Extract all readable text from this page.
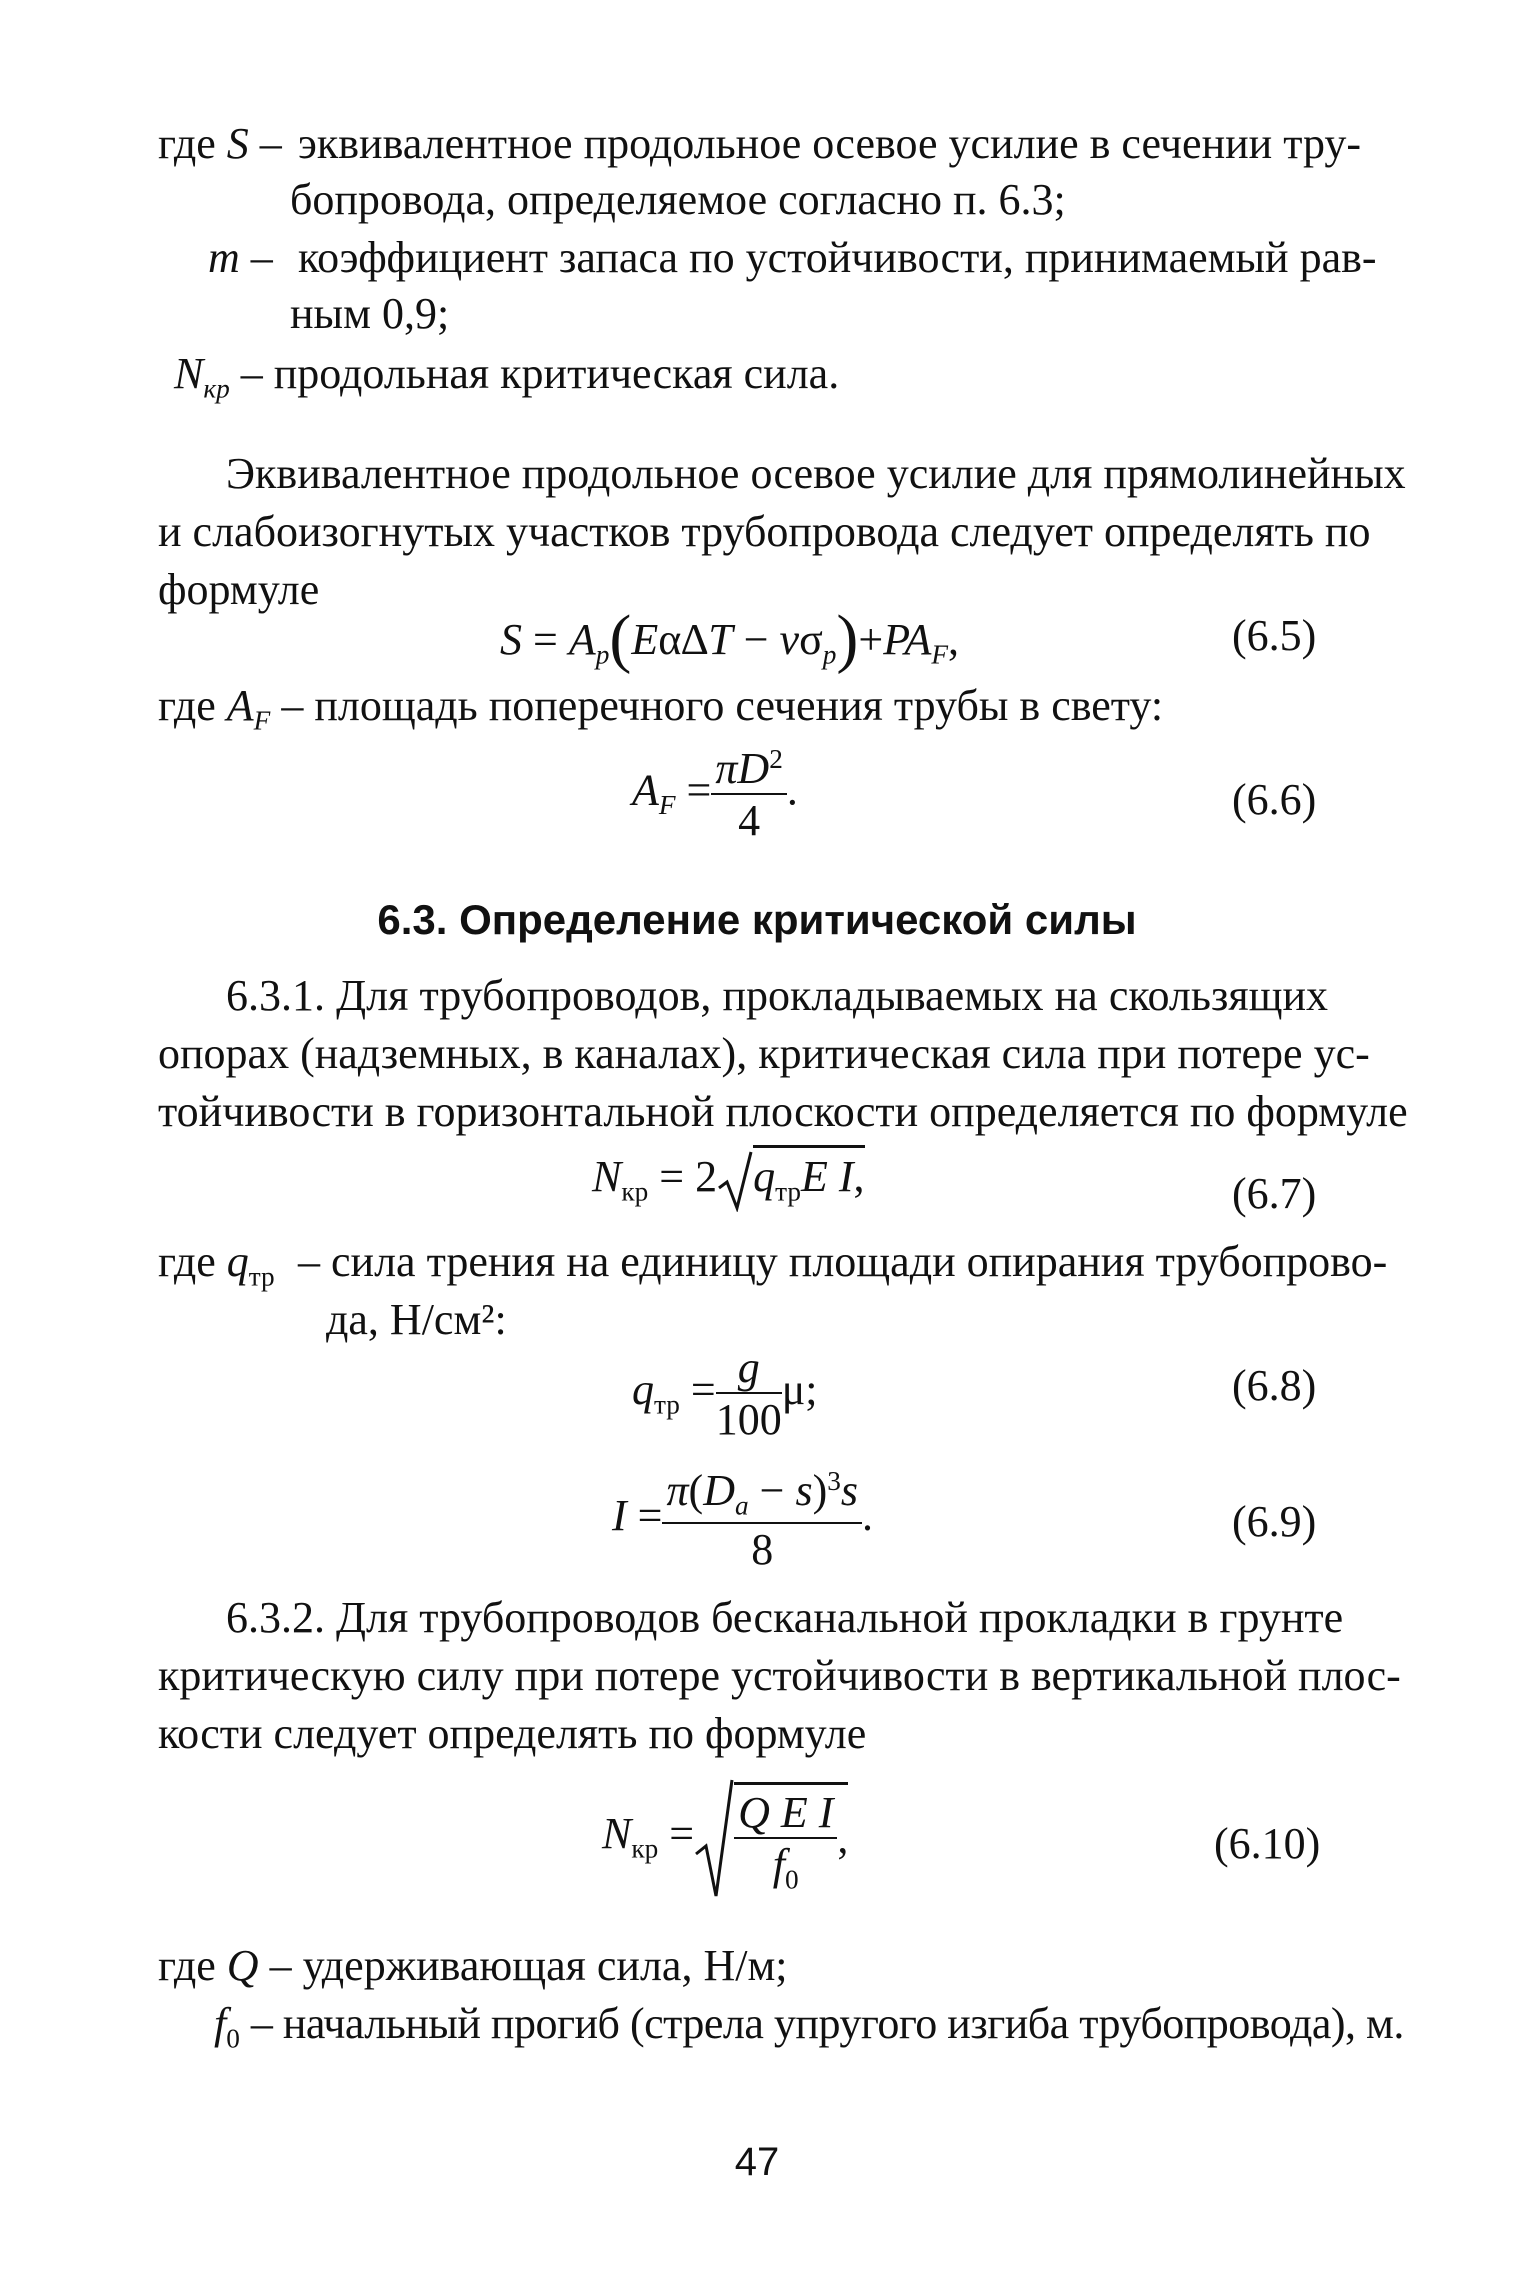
где S – эквивалентное продольное осевое усилие в сечении тру-
бопровода, определяемое согласно п. 6.3;
m – коэффициент запаса по устойчивости, принимаемый рав-
ным 0,9;
$N_{кр}$ – продольная критическая сила.
Эквивалентное продольное осевое усилие для прямолинейных
и слабоизогнутых участков трубопровода следует определять по
формуле
$S = A_p(E\alpha\Delta T - \nu\sigma_p)+PA_F$,	(6.5)
где $A_F$ – площадь поперечного сечения трубы в свету:
$A_F = \frac{\pi D^2}{4}$ .	(6.6)
6.3. Определение критической силы
6.3.1. Для трубопроводов, прокладываемых на скользящих
опорах (надземных, в каналах), критическая сила при потере ус-
тойчивости в горизонтальной плоскости определяется по формуле
$N_{кр} = 2$ $q_{тр}E$ I,	(6.7)
где $q_{тр}$ – сила трения на единицу площади опирания трубопрово-
да, Н/см²:
$q_{тр} = \frac{g}{100} \mu$;	(6.8)
$I = \frac{\pi(D_a - s)^3s}{8}$ .	(6.9)
6.3.2. Для трубопроводов бесканальной прокладки в грунте
критическую силу при потере устойчивости в вертикальной плос-
кости следует определять по формуле
$N_{кр} = \frac{\text{Q E I}}{f_0}$ ,	(6.10)
где Q – удерживающая сила, Н/м;
$f_0$ – начальный прогиб (стрела упругого изгиба трубопровода), м.
47
